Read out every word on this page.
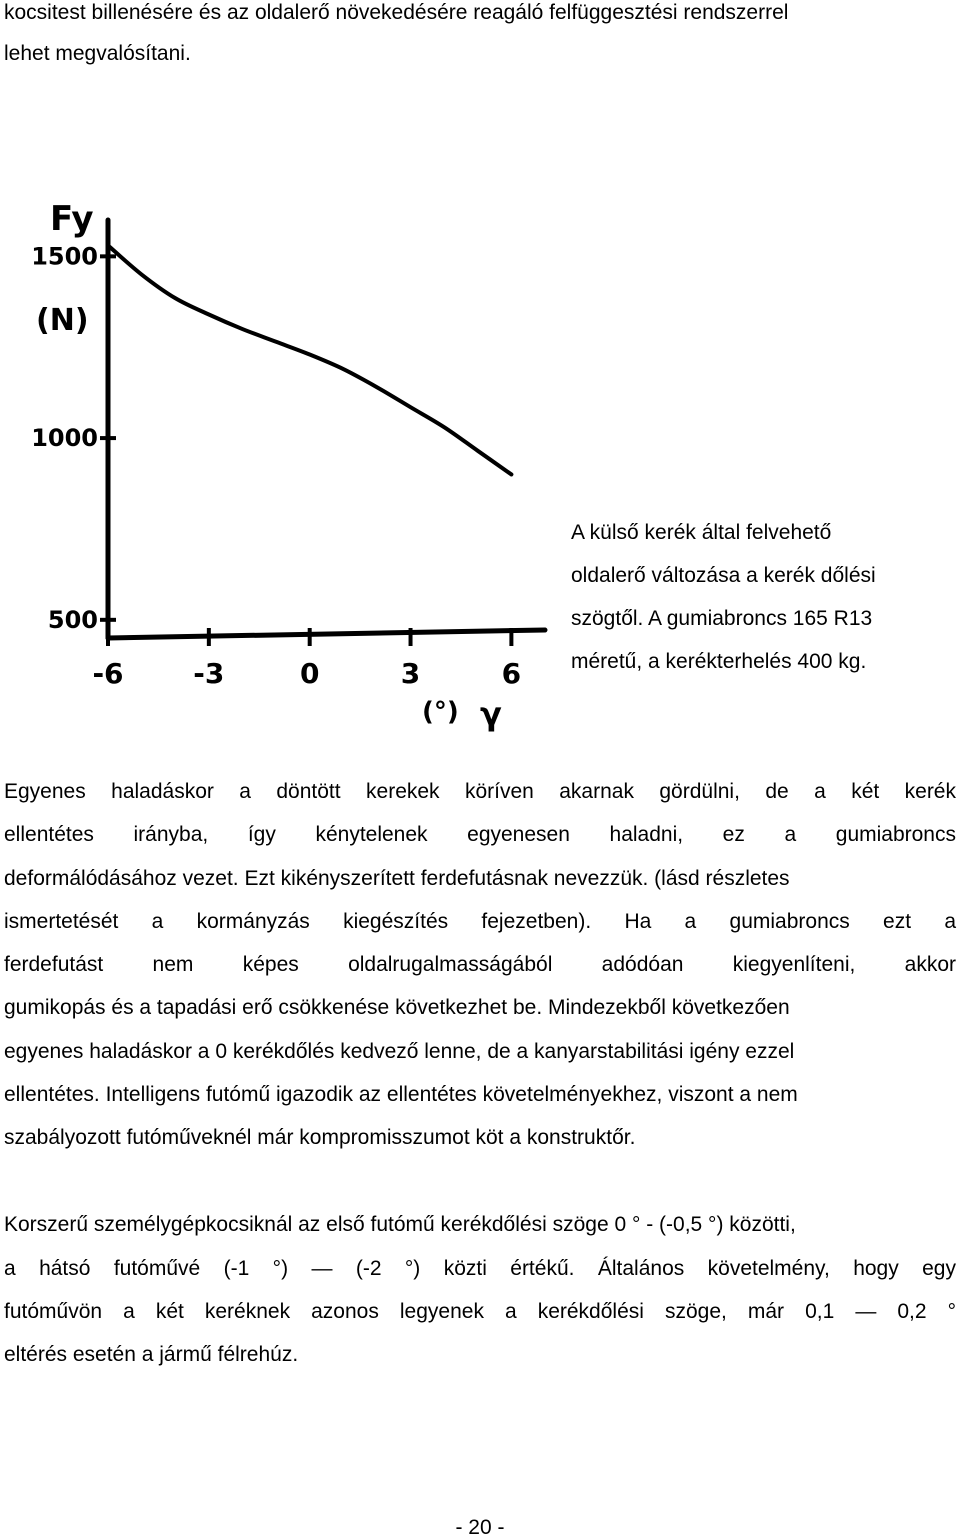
kocsitest billenésére és az oldalerő növekedésére reagáló felfüggesztési rendszerrel
lehet megvalósítani.
-6 -3	0	3	6
500
1000
1500
Fy
(N)
(°) γ
A külső kerék által felvehető
oldalerő változása a kerék dőlési
szögtől. A gumiabroncs 165 R13
méretű, a kerékterhelés 400 kg.
Egyenes haladáskor a döntött kerekek köríven akarnak gördülni, de a két kerék
ellentétes irányba, így kénytelenek egyenesen haladni, ez a gumiabroncs
deformálódásához vezet. Ezt kikényszerített ferdefutásnak nevezzük. (lásd részletes
ismertetését a kormányzás kiegészítés fejezetben). Ha a gumiabroncs ezt a
ferdefutást nem képes oldalrugalmasságából adódóan kiegyenlíteni, akkor
gumikopás és a tapadási erő csökkenése következhet be. Mindezekből következően
egyenes haladáskor a 0 kerékdőlés kedvező lenne, de a kanyarstabilitási igény ezzel
ellentétes. Intelligens futómű igazodik az ellentétes követelményekhez, viszont a nem
szabályozott futóműveknél már kompromisszumot köt a konstruktőr.
Korszerű személygépkocsiknál az első futómű kerékdőlési szöge 0 ° - (-0,5 °) közötti,
a hátsó futóművé (-1 °) — (-2 °) közti értékű. Általános követelmény, hogy egy
futóművön a két keréknek azonos legyenek a kerékdőlési szöge, már 0,1 — 0,2 °
eltérés esetén a jármű félrehúz.
- 20 -
